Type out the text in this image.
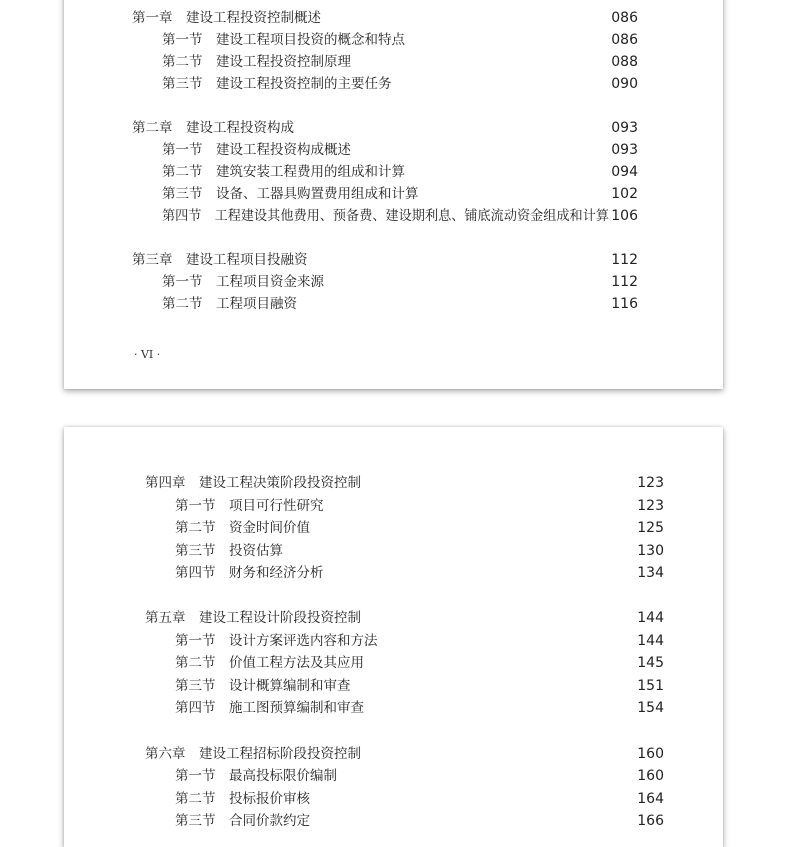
第一章　建设工程投资控制概述	086
第一节　建设工程项目投资的概念和特点	086
第二节　建设工程投资控制原理	088
第三节　建设工程投资控制的主要任务	090
第二章　建设工程投资构成	093
第一节　建设工程投资构成概述	093
第二节　建筑安装工程费用的组成和计算	094
第三节　设备、工器具购置费用组成和计算	102
第四节　工程建设其他费用、预备费、建设期利息、铺底流动资金组成和计算 106
第三章　建设工程项目投融资	112
第一节　工程项目资金来源	112
第二节　工程项目融资	116
· VI ·
第四章　建设工程决策阶段投资控制	123
第一节　项目可行性研究	123
第二节　资金时间价值	125
第三节　投资估算	130
第四节　财务和经济分析	134
第五章　建设工程设计阶段投资控制	144
第一节　设计方案评选内容和方法	144
第二节　价值工程方法及其应用	145
第三节　设计概算编制和审查	151
第四节　施工图预算编制和审查	154
第六章　建设工程招标阶段投资控制	160
第一节　最高投标限价编制	160
第二节　投标报价审核	164
第三节　合同价款约定	166
